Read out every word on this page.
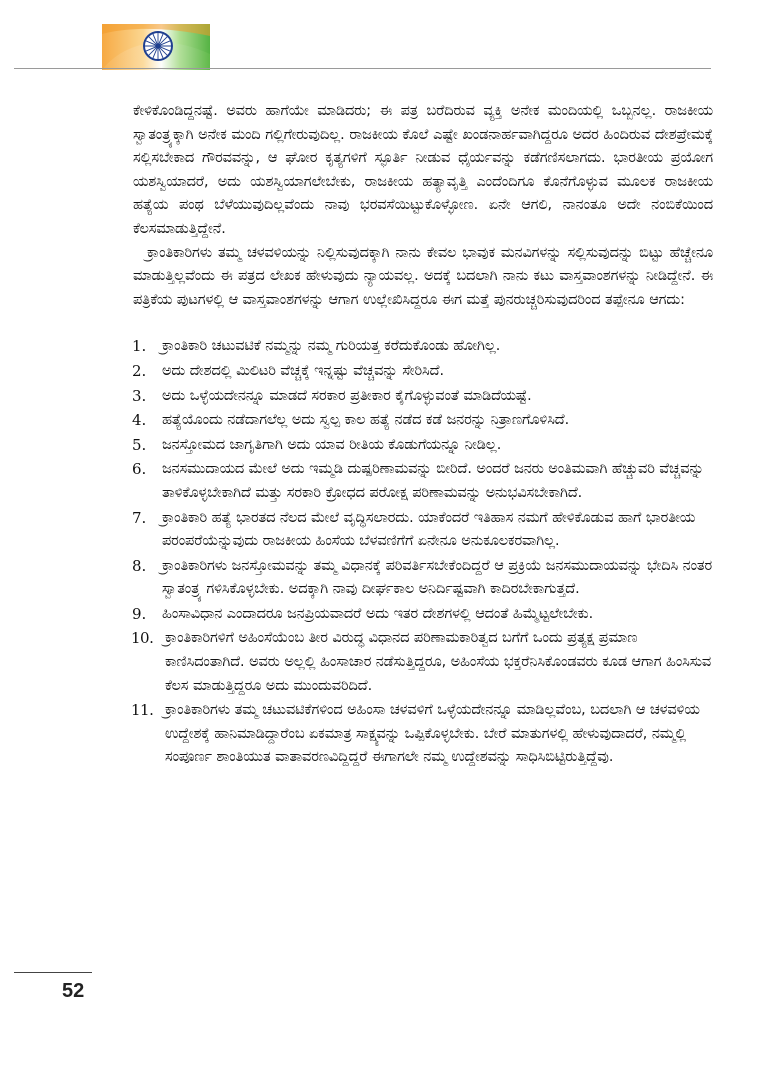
ಕೇಳಿಕೊಂಡಿದ್ದನಷ್ಟೆ. ಅವರು ಹಾಗೆಯೇ ಮಾಡಿದರು; ಈ ಪತ್ರ ಬರೆದಿರುವ ವ್ಯಕ್ತಿ ಅನೇಕ ಮಂದಿಯಲ್ಲಿ ಒಬ್ಬನಲ್ಲ. ರಾಜಕೀಯ ಸ್ವಾತಂತ್ರ್ಯಕ್ಕಾಗಿ ಅನೇಕ ಮಂದಿ ಗಲ್ಲಿಗೇರುವುದಿಲ್ಲ. ರಾಜಕೀಯ ಕೊಲೆ ಎಷ್ಟೇ ಖಂಡನಾರ್ಹವಾಗಿದ್ದರೂ ಅದರ ಹಿಂದಿರುವ ದೇಶಪ್ರೇಮಕ್ಕೆ ಸಲ್ಲಿಸಬೇಕಾದ ಗೌರವವನ್ನು, ಆ ಘೋರ ಕೃತ್ಯಗಳಿಗೆ ಸ್ಫೂರ್ತಿ ನೀಡುವ ಧೈರ್ಯವನ್ನು ಕಡೆಗಣಿಸಲಾಗದು. ಭಾರತೀಯ ಪ್ರಯೋಗ ಯಶಸ್ವಿಯಾದರೆ, ಅದು ಯಶಸ್ವಿಯಾಗಲೇಬೇಕು, ರಾಜಕೀಯ ಹತ್ಯಾವೃತ್ತಿ ಎಂದೆಂದಿಗೂ ಕೊನೆಗೊಳ್ಳುವ ಮೂಲಕ ರಾಜಕೀಯ ಹತ್ಯೆಯ ಪಂಥ ಬೆಳೆಯುವುದಿಲ್ಲವೆಂದು ನಾವು ಭರವಸೆಯಿಟ್ಟುಕೊಳ್ಳೋಣ. ಏನೇ ಆಗಲಿ, ನಾನಂತೂ ಅದೇ ನಂಬಿಕೆಯಿಂದ ಕೆಲಸಮಾಡುತ್ತಿದ್ದೇನೆ.

ಕ್ರಾಂತಿಕಾರಿಗಳು ತಮ್ಮ ಚಳವಳಿಯನ್ನು ನಿಲ್ಲಿಸುವುದಕ್ಕಾಗಿ ನಾನು ಕೇವಲ ಭಾವುಕ ಮನವಿಗಳನ್ನು ಸಲ್ಲಿಸುವುದನ್ನು ಬಿಟ್ಟು ಹೆಚ್ಚೇನೂ ಮಾಡುತ್ತಿಲ್ಲವೆಂದು ಈ ಪತ್ರದ ಲೇಖಕ ಹೇಳುವುದು ನ್ಯಾಯವಲ್ಲ. ಅದಕ್ಕೆ ಬದಲಾಗಿ ನಾನು ಕಟು ವಾಸ್ತವಾಂಶಗಳನ್ನು ನೀಡಿದ್ದೇನೆ. ಈ ಪತ್ರಿಕೆಯ ಪುಟಗಳಲ್ಲಿ ಆ ವಾಸ್ತವಾಂಶಗಳನ್ನು ಆಗಾಗ ಉಲ್ಲೇಖಿಸಿದ್ದರೂ ಈಗ ಮತ್ತೆ ಪುನರುಚ್ಚರಿಸುವುದರಿಂದ ತಪ್ಪೇನೂ ಆಗದು:

1. ಕ್ರಾಂತಿಕಾರಿ ಚಟುವಟಿಕೆ ನಮ್ಮನ್ನು ನಮ್ಮ ಗುರಿಯತ್ತ ಕರೆದುಕೊಂಡು ಹೋಗಿಲ್ಲ.
2. ಅದು ದೇಶದಲ್ಲಿ ಮಿಲಿಟರಿ ವೆಚ್ಚಕ್ಕೆ ಇನ್ನಷ್ಟು ವೆಚ್ಚವನ್ನು ಸೇರಿಸಿದೆ.
3. ಅದು ಒಳ್ಳೆಯದೇನನ್ನೂ ಮಾಡದೆ ಸರಕಾರ ಪ್ರತೀಕಾರ ಕೈಗೊಳ್ಳುವಂತೆ ಮಾಡಿದೆಯಷ್ಟೆ.
4. ಹತ್ಯೆಯೊಂದು ನಡೆದಾಗಲೆಲ್ಲ ಅದು ಸ್ವಲ್ಪ ಕಾಲ ಹತ್ಯೆ ನಡೆದ ಕಡೆ ಜನರನ್ನು ನಿತ್ರಾಣಗೊಳಿಸಿದೆ.
5. ಜನಸ್ತೋಮದ ಜಾಗೃತಿಗಾಗಿ ಅದು ಯಾವ ರೀತಿಯ ಕೊಡುಗೆಯನ್ನೂ ನೀಡಿಲ್ಲ.
6. ಜನಸಮುದಾಯದ ಮೇಲೆ ಅದು ಇಮ್ಮಡಿ ದುಷ್ಪರಿಣಾಮವನ್ನು ಬೀರಿದೆ. ಅಂದರೆ ಜನರು ಅಂತಿಮವಾಗಿ ಹೆಚ್ಚುವರಿ ವೆಚ್ಚವನ್ನು ತಾಳಿಕೊಳ್ಳಬೇಕಾಗಿದೆ ಮತ್ತು ಸರಕಾರಿ ಕ್ರೋಧದ ಪರೋಕ್ಷ ಪರಿಣಾಮವನ್ನು ಅನುಭವಿಸಬೇಕಾಗಿದೆ.
7. ಕ್ರಾಂತಿಕಾರಿ ಹತ್ಯೆ ಭಾರತದ ನೆಲದ ಮೇಲೆ ವೃದ್ಧಿಸಲಾರದು. ಯಾಕೆಂದರೆ ಇತಿಹಾಸ ನಮಗೆ ಹೇಳಿಕೊಡುವ ಹಾಗೆ ಭಾರತೀಯ ಪರಂಪರೆಯೆನ್ನುವುದು ರಾಜಕೀಯ ಹಿಂಸೆಯ ಬೆಳವಣಿಗೆಗೆ ಏನೇನೂ ಅನುಕೂಲಕರವಾಗಿಲ್ಲ.
8. ಕ್ರಾಂತಿಕಾರಿಗಳು ಜನಸ್ತೋಮವನ್ನು ತಮ್ಮ ವಿಧಾನಕ್ಕೆ ಪರಿವರ್ತಿಸಬೇಕೆಂದಿದ್ದರೆ ಆ ಪ್ರಕ್ರಿಯೆ ಜನಸಮುದಾಯವನ್ನು ಭೇದಿಸಿ ನಂತರ ಸ್ವಾತಂತ್ರ್ಯ ಗಳಿಸಿಕೊಳ್ಳಬೇಕು. ಅದಕ್ಕಾಗಿ ನಾವು ದೀರ್ಘಕಾಲ ಅನಿರ್ದಿಷ್ಟವಾಗಿ ಕಾದಿರಬೇಕಾಗುತ್ತದೆ.
9. ಹಿಂಸಾವಿಧಾನ ಎಂದಾದರೂ ಜನಪ್ರಿಯವಾದರೆ ಅದು ಇತರ ದೇಶಗಳಲ್ಲಿ ಆದಂತೆ ಹಿಮ್ಮೆಟ್ಟಲೇಬೇಕು.
10. ಕ್ರಾಂತಿಕಾರಿಗಳಿಗೆ ಅಹಿಂಸೆಯೆಂಬ ತೀರ ವಿರುದ್ಧ ವಿಧಾನದ ಪರಿಣಾಮಕಾರಿತ್ವದ ಬಗೆಗೆ ಒಂದು ಪ್ರತ್ಯಕ್ಷ ಪ್ರಮಾಣ ಕಾಣಿಸಿದಂತಾಗಿದೆ. ಅವರು ಅಲ್ಲಲ್ಲಿ ಹಿಂಸಾಚಾರ ನಡೆಸುತ್ತಿದ್ದರೂ, ಅಹಿಂಸೆಯ ಭಕ್ತರೆನಿಸಿಕೊಂಡವರು ಕೂಡ ಆಗಾಗ ಹಿಂಸಿಸುವ ಕೆಲಸ ಮಾಡುತ್ತಿದ್ದರೂ ಅದು ಮುಂದುವರಿದಿದೆ.
11. ಕ್ರಾಂತಿಕಾರಿಗಳು ತಮ್ಮ ಚಟುವಟಿಕೆಗಳಿಂದ ಅಹಿಂಸಾ ಚಳವಳಿಗೆ ಒಳ್ಳೆಯದೇನನ್ನೂ ಮಾಡಿಲ್ಲವೆಂಬ, ಬದಲಾಗಿ ಆ ಚಳವಳಿಯ ಉದ್ದೇಶಕ್ಕೆ ಹಾನಿಮಾಡಿದ್ದಾರೆಂಬ ಏಕಮಾತ್ರ ಸಾಕ್ಷ್ಯವನ್ನು ಒಪ್ಪಿಕೊಳ್ಳಬೇಕು. ಬೇರೆ ಮಾತುಗಳಲ್ಲಿ ಹೇಳುವುದಾದರೆ, ನಮ್ಮಲ್ಲಿ ಸಂಪೂರ್ಣ ಶಾಂತಿಯುತ ವಾತಾವರಣವಿದ್ದಿದ್ದರೆ ಈಗಾಗಲೇ ನಮ್ಮ ಉದ್ದೇಶವನ್ನು ಸಾಧಿಸಿಬಿಟ್ಟಿರುತ್ತಿದ್ದೆವು.
52
